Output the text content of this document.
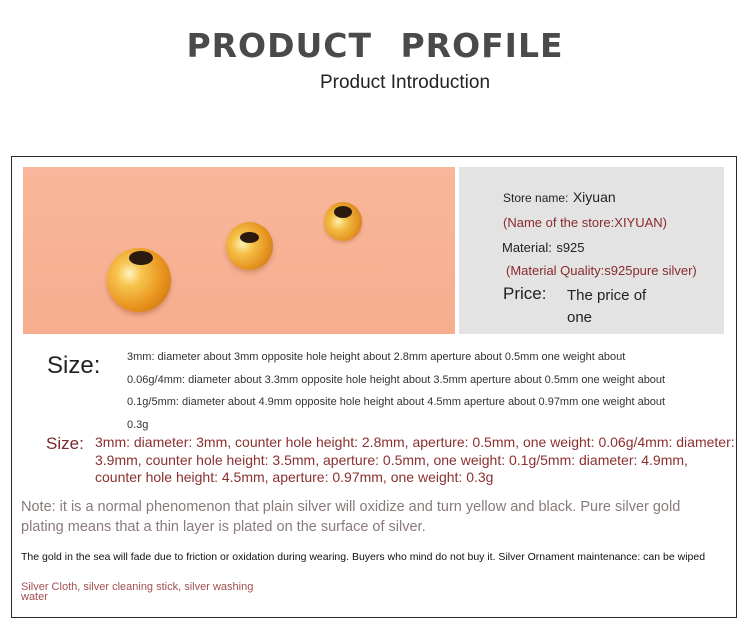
PRODUCT PROFILE
Product Introduction
Store name: Xiyuan
(Name of the store:XIYUAN)
Material: s925
(Material Quality:s925pure silver)
Price: The price of
one
Size: 3mm: diameter about 3mm opposite hole height about 2.8mm aperture about 0.5mm one weight about
0.06g/4mm: diameter about 3.3mm opposite hole height about 3.5mm aperture about 0.5mm one weight about
0.1g/5mm: diameter about 4.9mm opposite hole height about 4.5mm aperture about 0.97mm one weight about
0.3g
Size: 3mm: diameter: 3mm, counter hole height: 2.8mm, aperture: 0.5mm, one weight: 0.06g/4mm: diameter: 3.9mm, counter hole height: 3.5mm, aperture: 0.5mm, one weight: 0.1g/5mm: diameter: 4.9mm, counter hole height: 4.5mm, aperture: 0.97mm, one weight: 0.3g
Note: it is a normal phenomenon that plain silver will oxidize and turn yellow and black. Pure silver gold plating means that a thin layer is plated on the surface of silver.
The gold in the sea will fade due to friction or oxidation during wearing. Buyers who mind do not buy it. Silver Ornament maintenance: can be wiped
Silver Cloth, silver cleaning stick, silver washing water
